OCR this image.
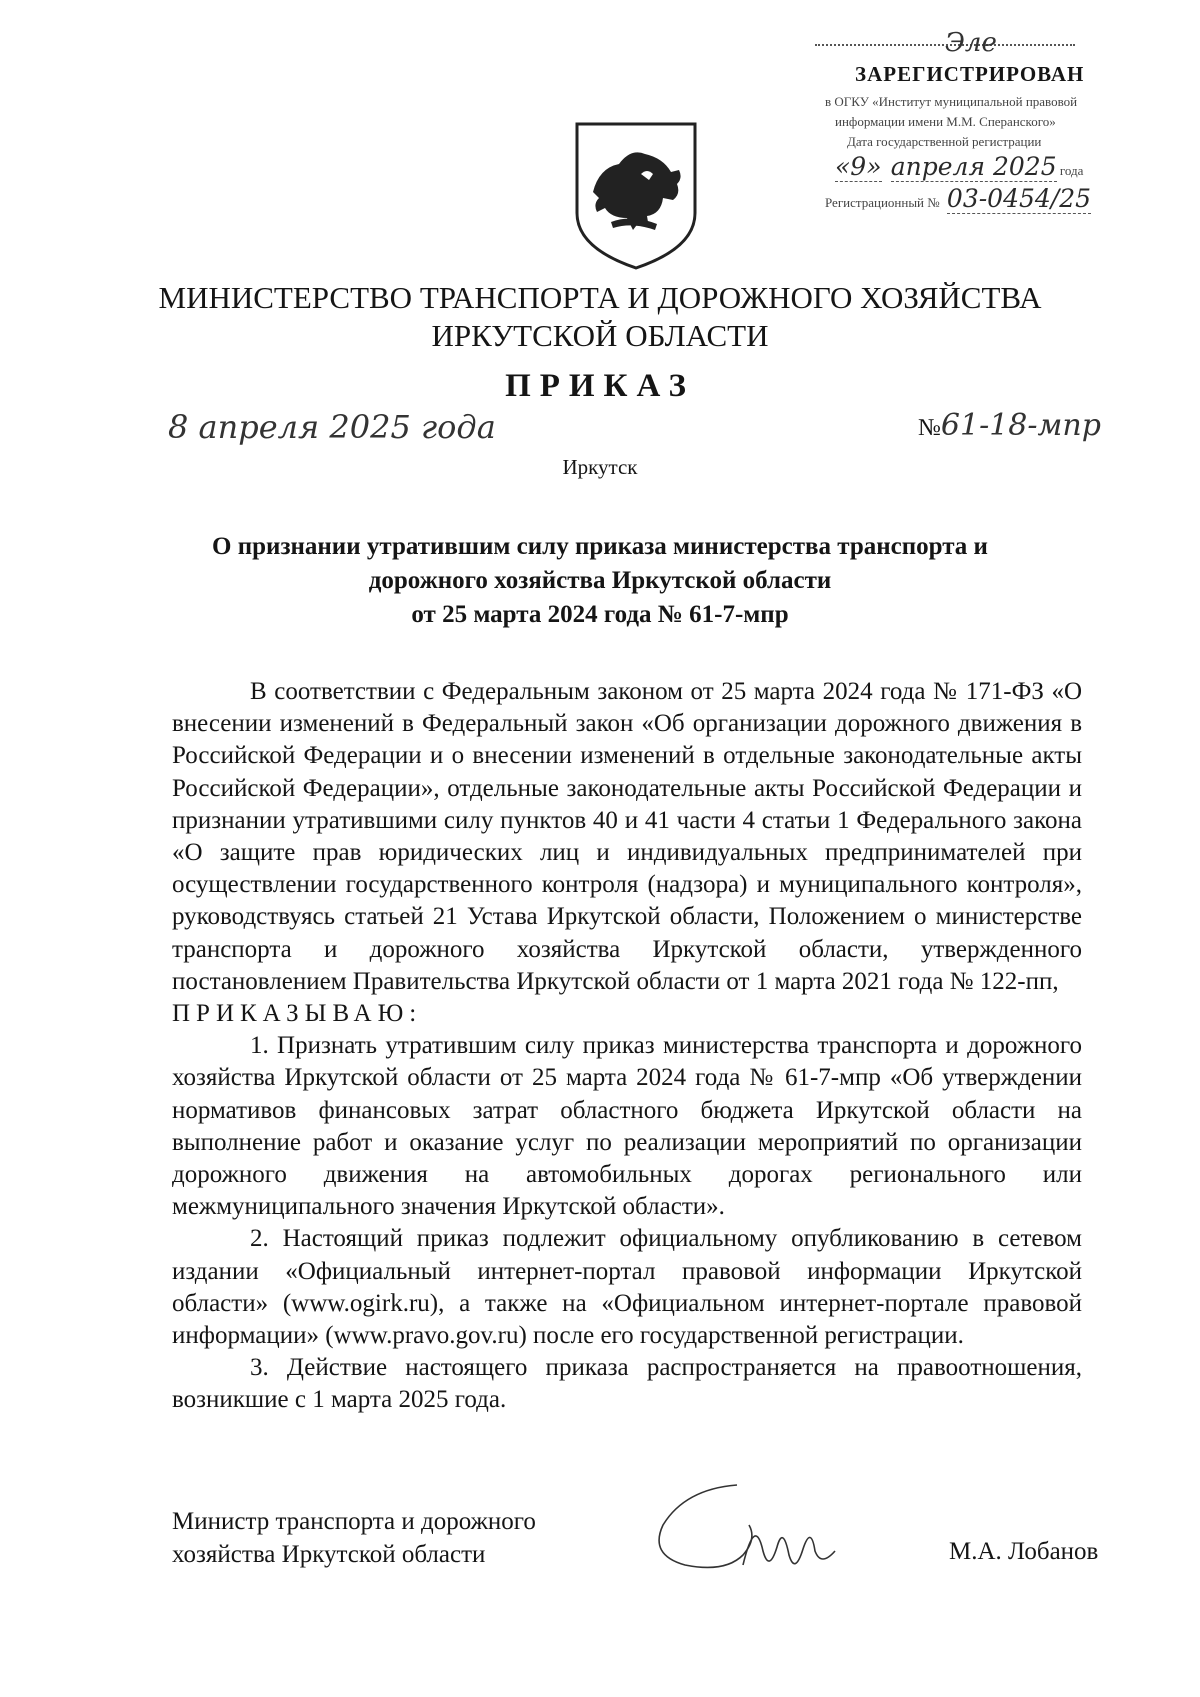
Эле
ЗАРЕГИСТРИРОВАН
в ОГКУ «Институт муниципальной правовой
информации имени М.М. Сперанского»
Дата государственной регистрации
«9» апреля 2025 года
Регистрационный № 03-0454/25
МИНИСТЕРСТВО ТРАНСПОРТА И ДОРОЖНОГО ХОЗЯЙСТВА
ИРКУТСКОЙ ОБЛАСТИ
ПРИКАЗ
8 апреля 2025 года	№61-18-мпр
Иркутск
О признании утратившим силу приказа министерства транспорта и
дорожного хозяйства Иркутской области
от 25 марта 2024 года № 61-7-мпр

В соответствии с Федеральным законом от 25 марта 2024 года № 171-ФЗ «О внесении изменений в Федеральный закон «Об организации дорожного движения в Российской Федерации и о внесении изменений в отдельные законодательные акты Российской Федерации», отдельные законодательные акты Российской Федерации и признании утратившими силу пунктов 40 и 41 части 4 статьи 1 Федерального закона «О защите прав юридических лиц и индивидуальных предпринимателей при осуществлении государственного контроля (надзора) и муниципального контроля», руководствуясь статьей 21 Устава Иркутской области, Положением о министерстве транспорта и дорожного хозяйства Иркутской области, утвержденного постановлением Правительства Иркутской области от 1 марта 2021 года № 122-пп,

ПРИКАЗЫВАЮ:

1. Признать утратившим силу приказ министерства транспорта и дорожного хозяйства Иркутской области от 25 марта 2024 года № 61-7-мпр «Об утверждении нормативов финансовых затрат областного бюджета Иркутской области на выполнение работ и оказание услуг по реализации мероприятий по организации дорожного движения на автомобильных дорогах регионального или межмуниципального значения Иркутской области».

2. Настоящий приказ подлежит официальному опубликованию в сетевом издании «Официальный интернет-портал правовой информации Иркутской области» (www.ogirk.ru), а также на «Официальном интернет-портале правовой информации» (www.pravo.gov.ru) после его государственной регистрации.

3. Действие настоящего приказа распространяется на правоотношения, возникшие с 1 марта 2025 года.

Министр транспорта и дорожного
хозяйства Иркутской области	М.А. Лобанов
